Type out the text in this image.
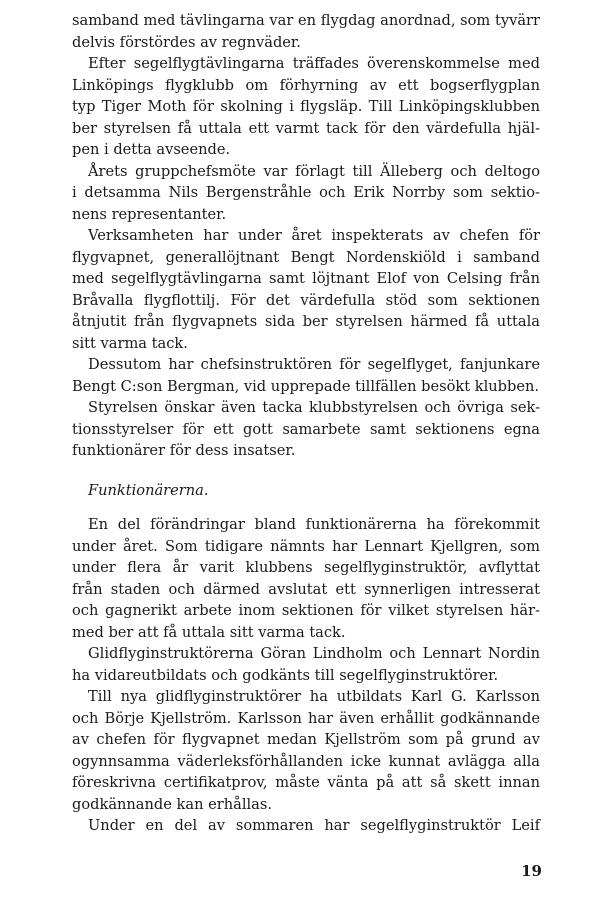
samband med tävlingarna var en flygdag anordnad, som tyvärr
delvis förstördes av regnväder.

Efter segelflygtävlingarna träffades överenskommelse med
Linköpings flygklubb om förhyrning av ett bogserflygplan
typ Tiger Moth för skolning i flygsläp. Till Linköpingsklubben
ber styrelsen få uttala ett varmt tack för den värdefulla hjäl-
pen i detta avseende.

Årets gruppchefsmöte var förlagt till Älleberg och deltogo
i detsamma Nils Bergenstråhle och Erik Norrby som sektio-
nens representanter.

Verksamheten har under året inspekterats av chefen för
flygvapnet, generallöjtnant Bengt Nordenskiöld i samband
med segelflygtävlingarna samt löjtnant Elof von Celsing från
Bråvalla flygflottilj. För det värdefulla stöd som sektionen
åtnjutit från flygvapnets sida ber styrelsen härmed få uttala
sitt varma tack.

Dessutom har chefsinstruktören för segelflyget, fanjunkare
Bengt C:son Bergman, vid upprepade tillfällen besökt klubben.

Styrelsen önskar även tacka klubbstyrelsen och övriga sek-
tionsstyrelser för ett gott samarbete samt sektionens egna
funktionärer för dess insatser.

Funktionärerna.

En del förändringar bland funktionärerna ha förekommit
under året. Som tidigare nämnts har Lennart Kjellgren, som
under flera år varit klubbens segelflyginstruktör, avflyttat
från staden och därmed avslutat ett synnerligen intresserat
och gagnerikt arbete inom sektionen för vilket styrelsen här-
med ber att få uttala sitt varma tack.

Glidflyginstruktörerna Göran Lindholm och Lennart Nordin
ha vidareutbildats och godkänts till segelflyginstruktörer.

Till nya glidflyginstruktörer ha utbildats Karl G. Karlsson
och Börje Kjellström. Karlsson har även erhållit godkännande
av chefen för flygvapnet medan Kjellström som på grund av
ogynnsamma väderleksförhållanden icke kunnat avlägga alla
föreskrivna certifikatprov, måste vänta på att så skett innan
godkännande kan erhållas.

Under en del av sommaren har segelflyginstruktör Leif

19
